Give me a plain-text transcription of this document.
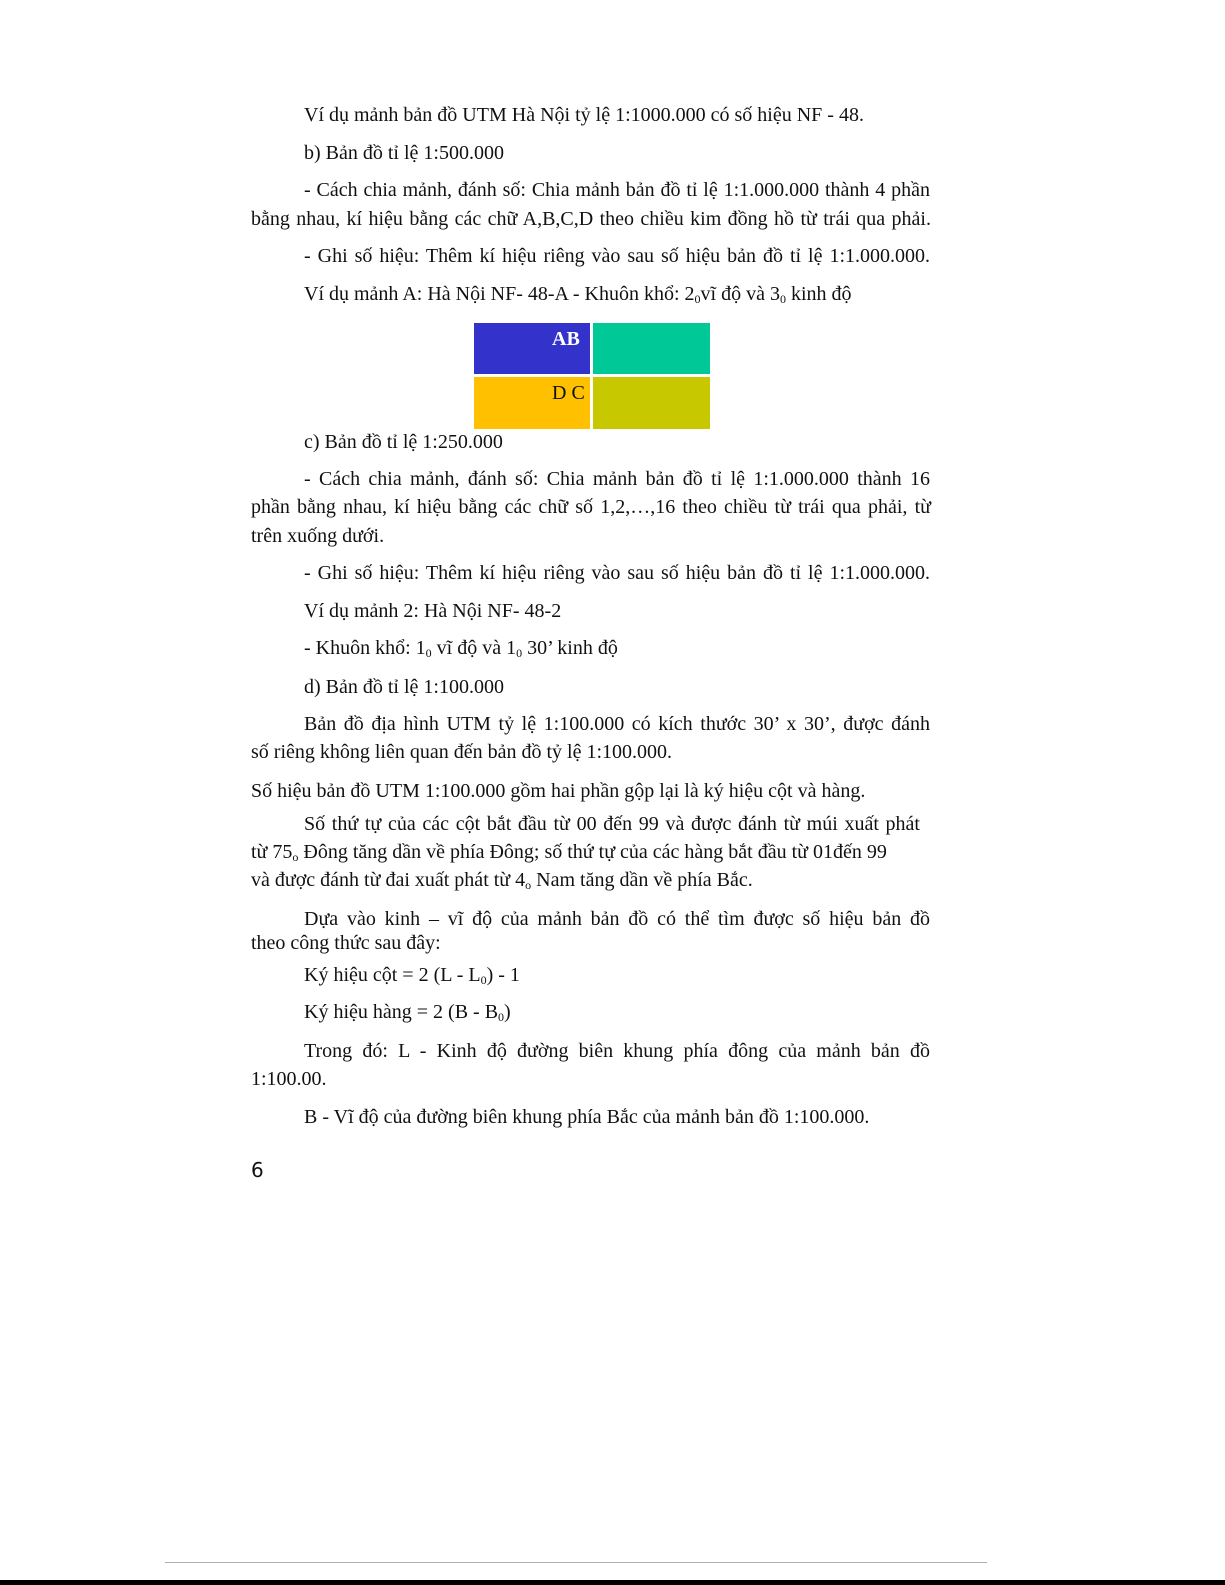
Ví dụ mảnh bản đồ UTM Hà Nội tỷ lệ 1:1000.000 có số hiệu NF - 48.

b) Bản đồ tỉ lệ 1:500.000

- Cách chia mảnh, đánh số: Chia mảnh bản đồ tỉ lệ 1:1.000.000 thành 4 phần

bằng nhau, kí hiệu bằng các chữ A,B,C,D theo chiều kim đồng hồ từ trái qua phải.

- Ghi số hiệu: Thêm kí hiệu riêng vào sau số hiệu bản đồ tỉ lệ 1:1.000.000.

Ví dụ mảnh A: Hà Nội NF- 48-A - Khuôn khổ: $2_0vĩ$ độ và $3_0$ kinh độ

AB
D C

c) Bản đồ tỉ lệ 1:250.000

- Cách chia mảnh, đánh số: Chia mảnh bản đồ tỉ lệ 1:1.000.000 thành 16

phần bằng nhau, kí hiệu bằng các chữ số 1,2,…,16 theo chiều từ trái qua phải, từ

trên xuống dưới.

- Ghi số hiệu: Thêm kí hiệu riêng vào sau số hiệu bản đồ tỉ lệ 1:1.000.000.

Ví dụ mảnh 2: Hà Nội NF- 48-2

- Khuôn khổ: $1_0$ vĩ độ và $1_0$ 30’ kinh độ

d) Bản đồ tỉ lệ 1:100.000

Bản đồ địa hình UTM tỷ lệ 1:100.000 có kích thước 30’ x 30’, được đánh

số riêng không liên quan đến bản đồ tỷ lệ 1:100.000.

Số hiệu bản đồ UTM 1:100.000 gồm hai phần gộp lại là ký hiệu cột và hàng.

Số thứ tự của các cột bắt đầu từ 00 đến 99 và được đánh từ múi xuất phát

từ $75_o$ Đông tăng dần về phía Đông; số thứ tự của các hàng bắt đầu từ 01đến 99

và được đánh từ đai xuất phát từ $4_o$ Nam tăng dần về phía Bắc.

Dựa vào kinh – vĩ độ của mảnh bản đồ có thể tìm được số hiệu bản đồ

theo công thức sau đây:

Ký hiệu cột = 2 $(L - L_0) - 1$

Ký hiệu hàng = 2 $(B - B_0)$

Trong đó: L - Kinh độ đường biên khung phía đông của mảnh bản đồ

1:100.00.

B - Vĩ độ của đường biên khung phía Bắc của mảnh bản đồ 1:100.000.

6
